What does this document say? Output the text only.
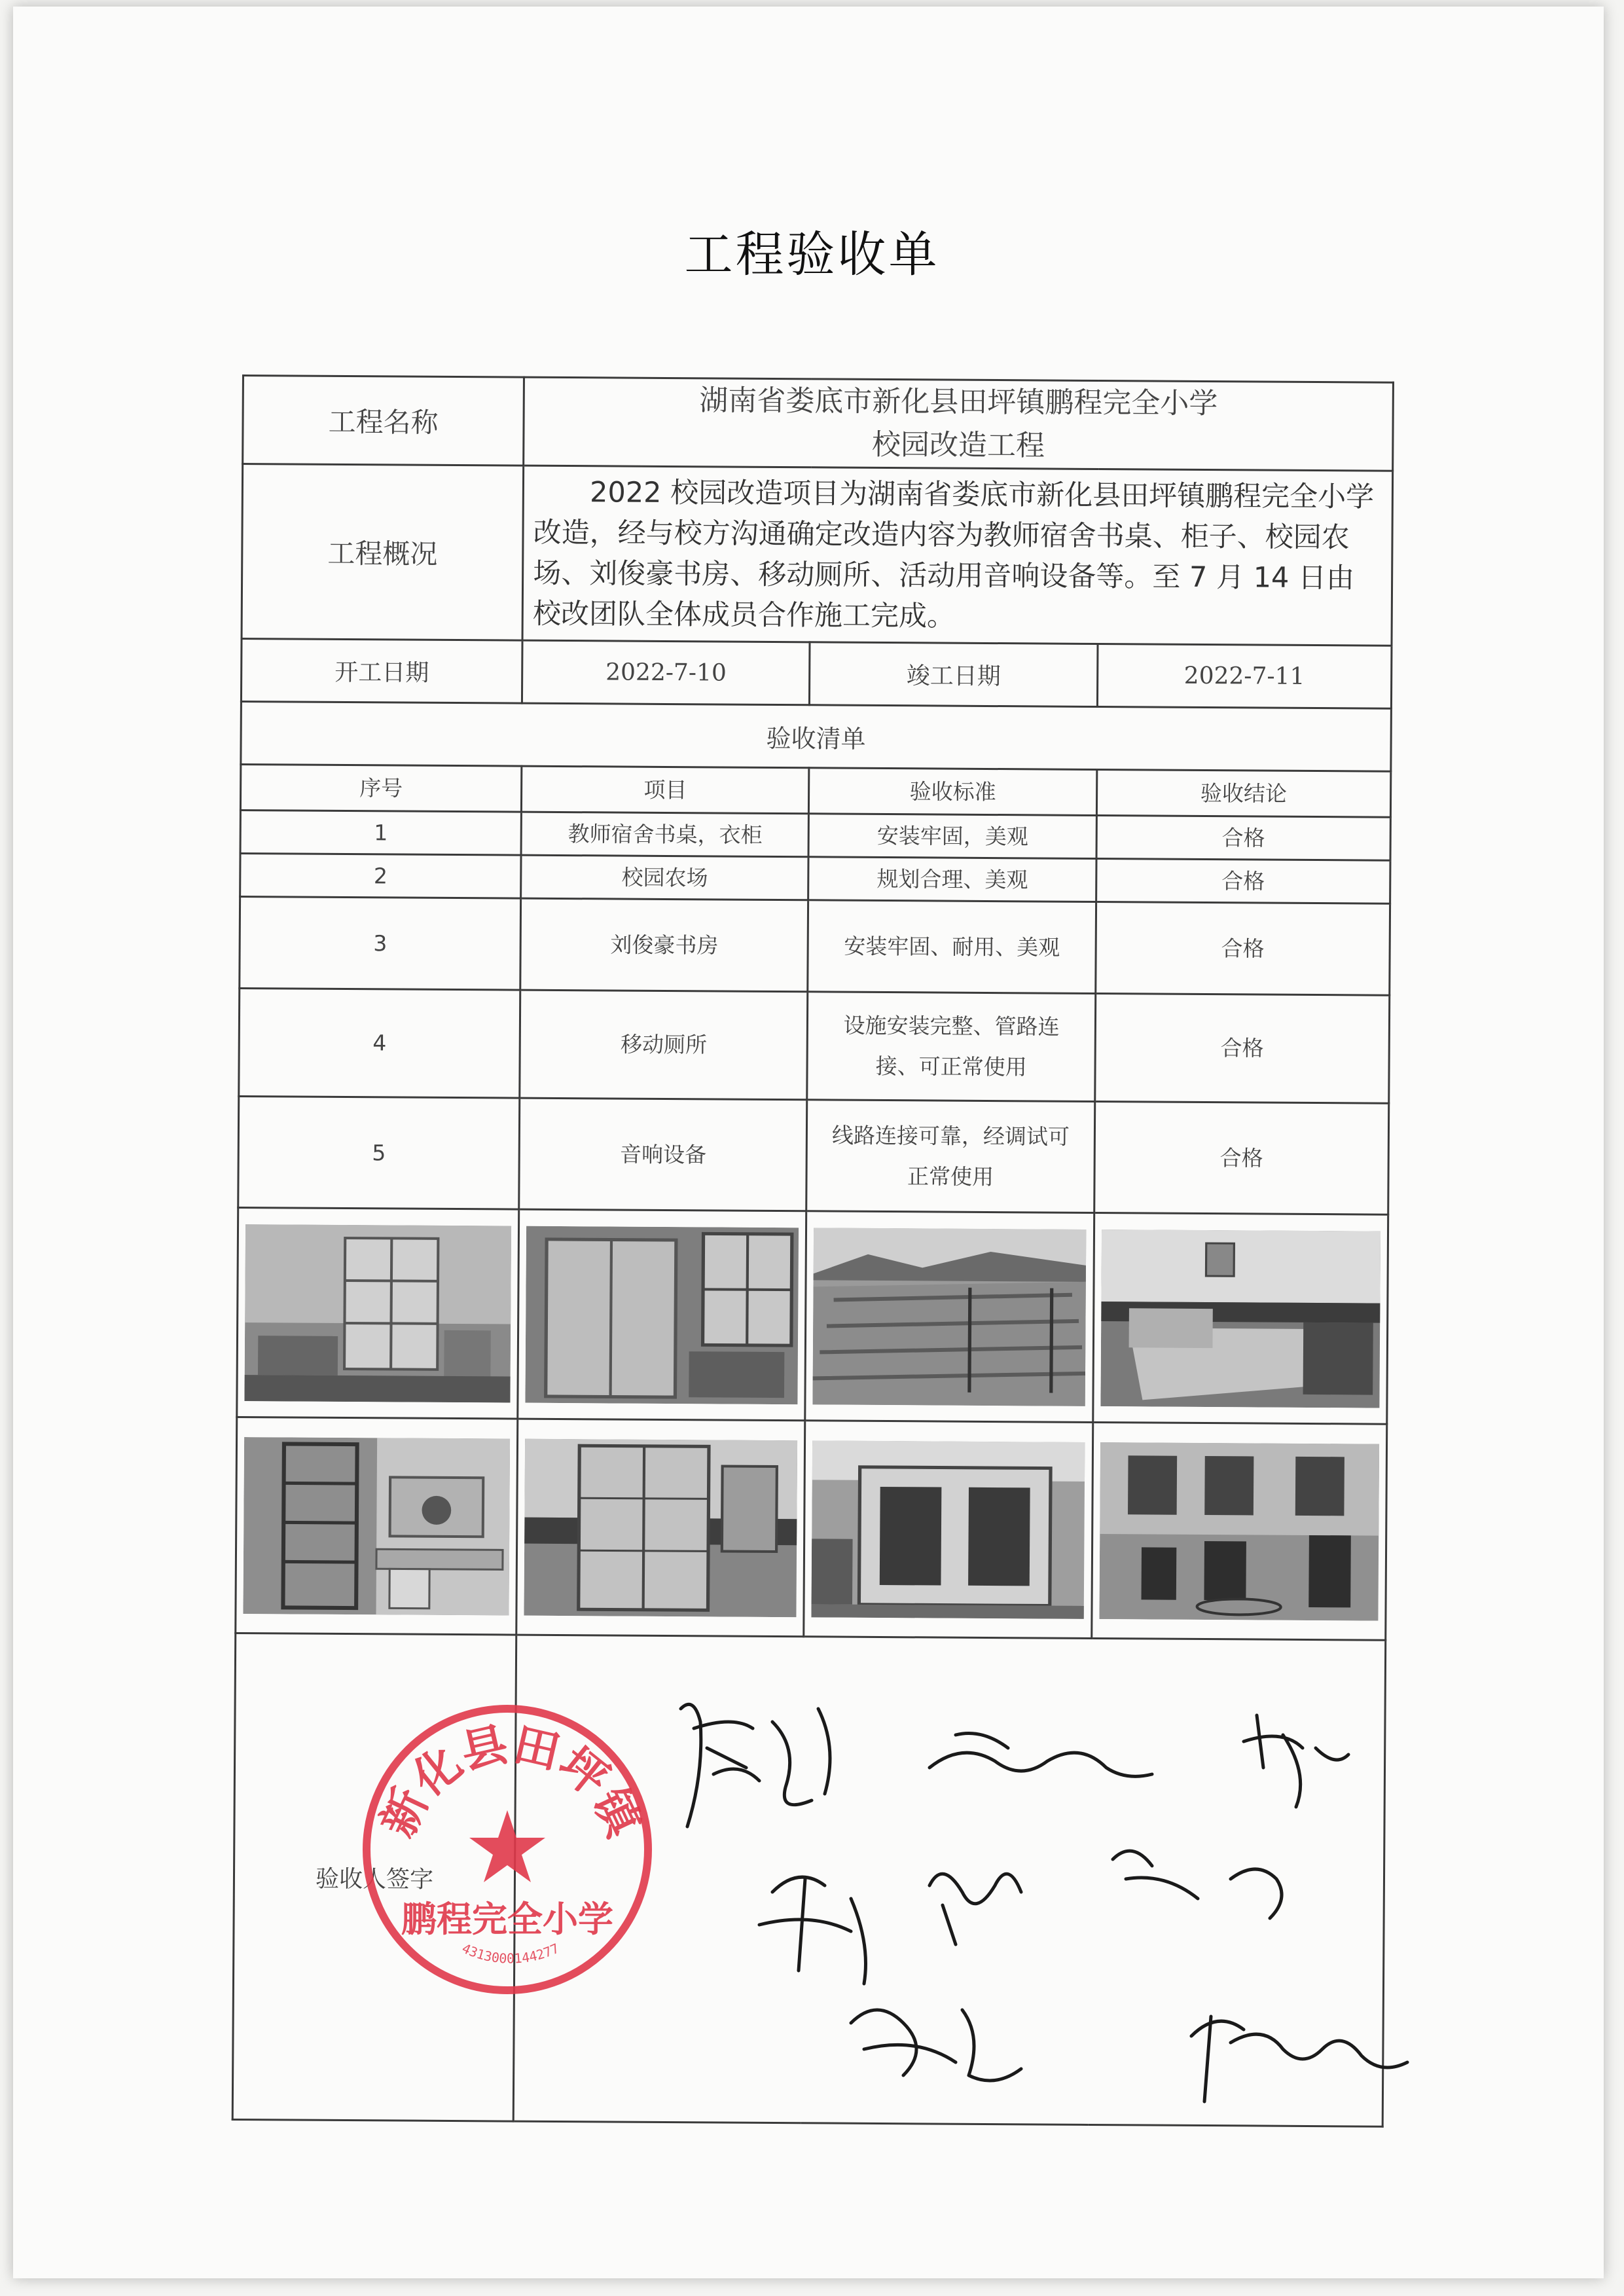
工程验收单
工程名称	湖南省娄底市新化县田坪镇鹏程完全小学
校园改造工程		

工程概况	2022 校园改造项目为湖南省娄底市新化县田坪镇鹏程完全小学改造，经与校方沟通确定改造内容为教师宿舍书桌、柜子、校园农场、刘俊豪书房、移动厕所、活动用音响设备等。至 7 月 14 日由校改团队全体成员合作施工完成。		
开工日期	2022-7-10	竣工日期	2022-7-11
验收清单			
序号	项目	验收标准	验收结论
1	教师宿舍书桌，衣柜	安装牢固，美观	合格
2	校园农场	规划合理、美观	合格
3	刘俊豪书房	安装牢固、耐用、美观	合格
4	移动厕所	设施安装完整、管路连接、可正常使用	合格
5	音响设备	线路连接可靠，经调试可正常使用	合格

验收人签字			
新化县田坪镇
鹏程完全小学
4313000144277
